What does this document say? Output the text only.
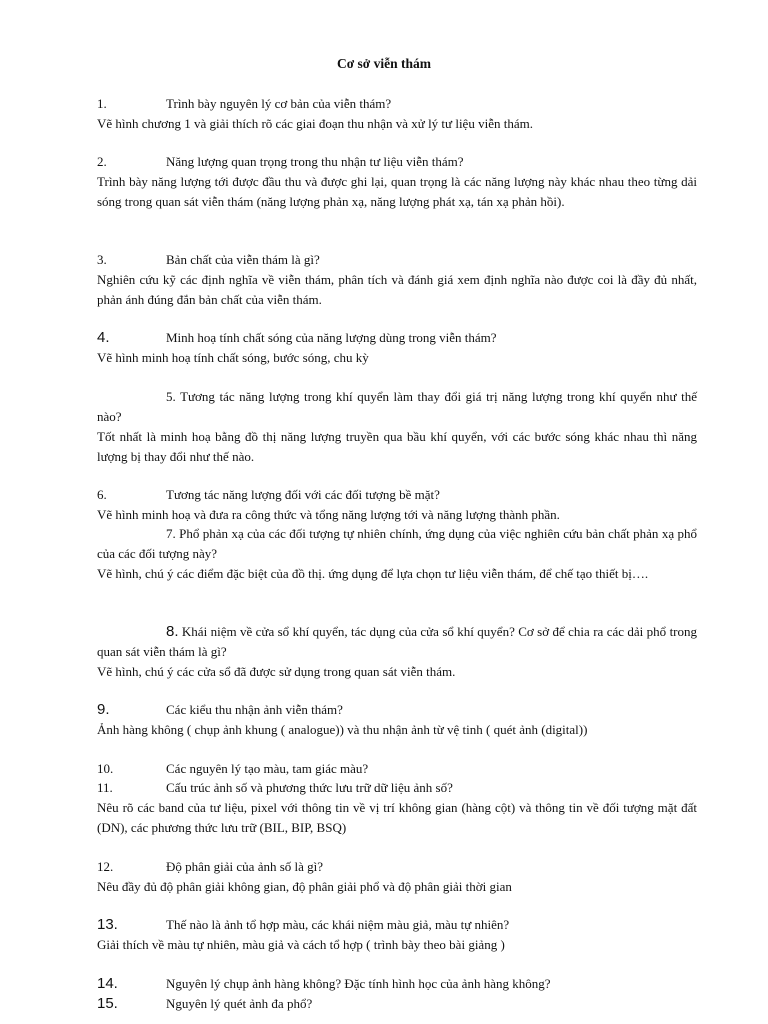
Cơ sở viễn thám
1.	Trình bày nguyên lý cơ bản của viễn thám?
Vẽ hình chương 1 và giải thích rõ các giai đoạn thu nhận và xử lý tư liệu viễn thám.
2.	Năng lượng quan trọng trong thu nhận tư liệu viễn thám?
Trình bày năng lượng tới được đầu thu và được ghi lại, quan trọng là các năng lượng này khác nhau theo từng dải sóng trong quan sát viễn thám (năng lượng phản xạ, năng lượng phát xạ, tán xạ phản hồi).
3.	Bản chất của viễn thám là gì?
Nghiên cứu kỹ các định nghĩa về viễn thám, phân tích và đánh giá xem định nghĩa nào được coi là đầy đủ nhất, phản ánh đúng đắn bản chất của viễn thám.
4.	Minh hoạ tính chất sóng của năng lượng dùng trong viễn thám?
Vẽ hình minh hoạ tính chất sóng, bước sóng, chu kỳ
5. Tương tác năng lượng trong khí quyển làm thay đổi giá trị năng lượng trong khí quyển như thế nào?
Tốt nhất là minh hoạ bằng đồ thị năng lượng truyền qua bầu khí quyển, với các bước sóng khác nhau thì năng lượng bị thay đổi như thế nào.
6.	Tương tác năng lượng đối với các đối tượng bề mặt?
Vẽ hình minh hoạ và đưa ra công thức và tổng năng lượng tới và năng lượng thành phần.
7. Phổ phản xạ của các đối tượng tự nhiên chính, ứng dụng của việc nghiên cứu bản chất phản xạ phổ của các đối tượng này?
Vẽ hình, chú ý các điểm đặc biệt của đồ thị. ứng dụng để lựa chọn tư liệu viễn thám, để chế tạo thiết bị….
8. Khái niệm về cửa sổ khí quyển, tác dụng của cửa sổ khí quyển? Cơ sở để chia ra các dải phổ trong quan sát viễn thám là gì?
Vẽ hình, chú ý các cửa sổ đã được sử dụng trong quan sát viễn thám.
9.	Các kiểu thu nhận ảnh viễn thám?
Ảnh hàng không ( chụp ảnh khung ( analogue)) và thu nhận ảnh từ vệ tinh ( quét ảnh (digital))
10.	Các nguyên lý tạo màu, tam giác màu?
11.	Cấu trúc ảnh số và phương thức lưu trữ dữ liệu ảnh số?
Nêu rõ các band của tư liệu, pixel với thông tin về vị trí không gian (hàng cột) và thông tin về đối tượng mặt đất (DN), các phương thức lưu trữ (BIL, BIP, BSQ)
12.	Độ phân giải của ảnh số là gì?
Nêu đầy đủ độ phân giải không gian, độ phân giải phổ và độ phân giải thời gian
13.	Thế nào là ảnh tổ hợp màu, các khái niệm màu giả, màu tự nhiên?
Giải thích về màu tự nhiên, màu giả và cách tổ hợp ( trình bày theo bài giảng )
14.	Nguyên lý chụp ảnh hàng không? Đặc tính hình học của ảnh hàng không?
15.	Nguyên lý quét ảnh đa phổ?
